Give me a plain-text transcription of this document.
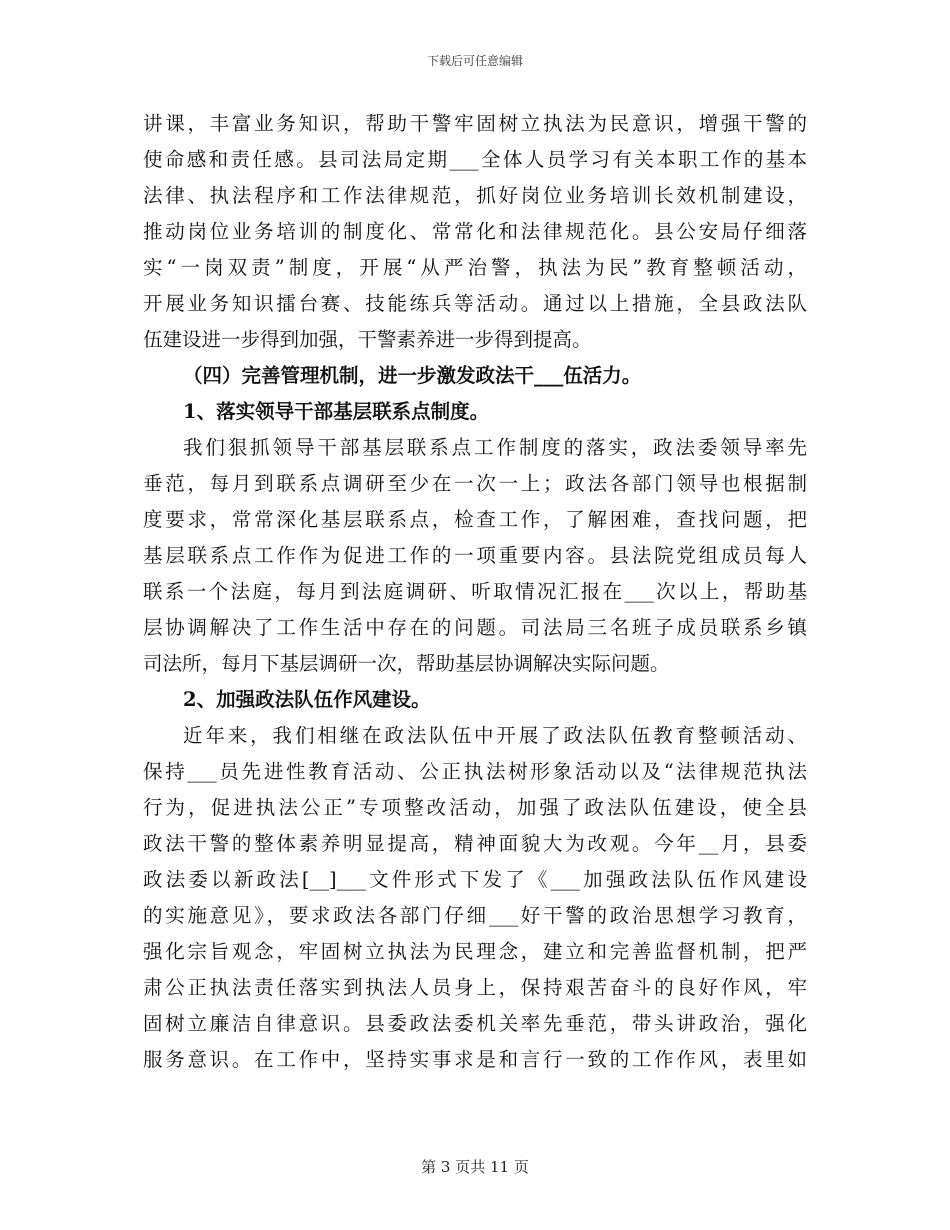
下载后可任意编辑
讲课，丰富业务知识，帮助干警牢固树立执法为民意识，增强干警的
使命感和责任感。县司法局定期___全体人员学习有关本职工作的基本
法律、执法程序和工作法律规范，抓好岗位业务培训长效机制建设，
推动岗位业务培训的制度化、常常化和法律规范化。县公安局仔细落
实“一岗双责”制度，开展“从严治警，执法为民”教育整顿活动，
开展业务知识擂台赛、技能练兵等活动。通过以上措施，全县政法队
伍建设进一步得到加强，干警素养进一步得到提高。
（四）完善管理机制，进一步激发政法干___伍活力。
1、落实领导干部基层联系点制度。
我们狠抓领导干部基层联系点工作制度的落实，政法委领导率先
垂范，每月到联系点调研至少在一次一上；政法各部门领导也根据制
度要求，常常深化基层联系点，检查工作，了解困难，查找问题，把
基层联系点工作作为促进工作的一项重要内容。县法院党组成员每人
联系一个法庭，每月到法庭调研、听取情况汇报在___次以上，帮助基
层协调解决了工作生活中存在的问题。司法局三名班子成员联系乡镇
司法所，每月下基层调研一次，帮助基层协调解决实际问题。
2、加强政法队伍作风建设。
近年来，我们相继在政法队伍中开展了政法队伍教育整顿活动、
保持___员先进性教育活动、公正执法树形象活动以及“法律规范执法
行为，促进执法公正”专项整改活动，加强了政法队伍建设，使全县
政法干警的整体素养明显提高，精神面貌大为改观。今年__月，县委
政法委以新政法[__]___文件形式下发了《___加强政法队伍作风建设
的实施意见》，要求政法各部门仔细___好干警的政治思想学习教育，
强化宗旨观念，牢固树立执法为民理念，建立和完善监督机制，把严
肃公正执法责任落实到执法人员身上，保持艰苦奋斗的良好作风，牢
固树立廉洁自律意识。县委政法委机关率先垂范，带头讲政治，强化
服务意识。在工作中，坚持实事求是和言行一致的工作作风，表里如
第 3 页共 11 页
